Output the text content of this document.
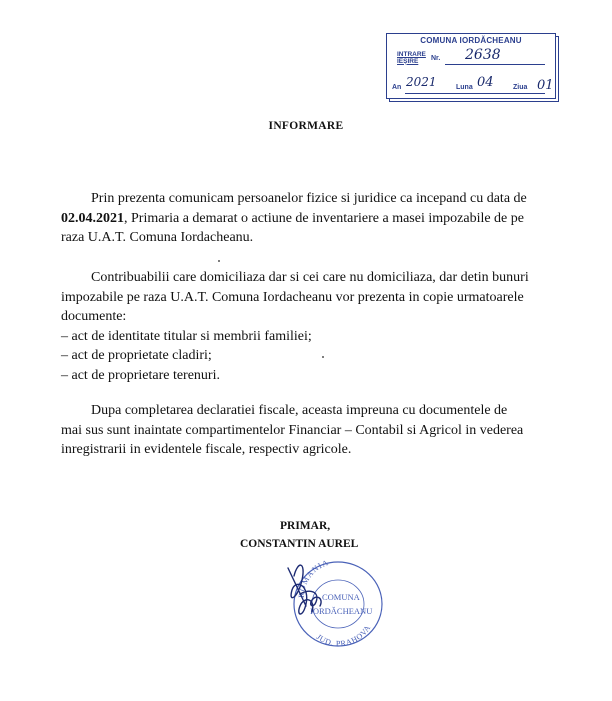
COMUNA IORDĂCHEANU
INTRARE
IEȘIRE	Nr. 2638
An 2021	Luna 04	Ziua 01
INFORMARE
Prin prezenta comunicam persoanelor fizice si juridice ca incepand cu data de
02.04.2021, Primaria a demarat o actiune de inventariere a masei impozabile de pe
raza U.A.T. Comuna Iordacheanu.
Contribuabilii care domiciliaza dar si cei care nu domiciliaza, dar detin bunuri
impozabile pe raza U.A.T. Comuna Iordacheanu vor prezenta in copie urmatoarele
documente:
– act de identitate titular si membrii familiei;
– act de proprietate cladiri;
– act de proprietare terenuri.
Dupa completarea declaratiei fiscale, aceasta impreuna cu documentele de
mai sus sunt inaintate compartimentelor Financiar – Contabil si Agricol in vederea
inregistrarii in evidentele fiscale, respectiv agricole.
PRIMAR,
CONSTANTIN AUREL
ROMANIA
COMUNA
IORDĂCHEANU
JUD. PRAHOVA
